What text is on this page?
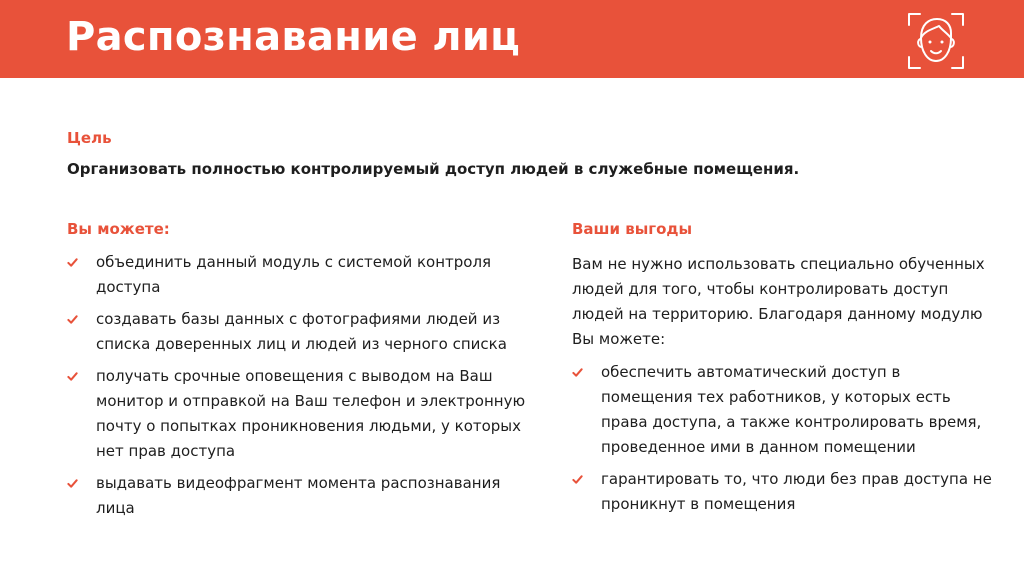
Распознавание лиц
Цель
Организовать полностью контролируемый доступ людей в служебные помещения.
Вы можете:
объединить данный модуль с системой контроля доступа
создавать базы данных с фотографиями людей из списка доверенных лиц и людей из черного списка
получать срочные оповещения с выводом на Ваш монитор и отправкой на Ваш телефон и электронную почту о попытках проникновения людьми, у которых нет прав доступа
выдавать видеофрагмент момента распознавания лица
Ваши выгоды
Вам не нужно использовать специально обученных людей для того, чтобы контролировать доступ людей на территорию. Благодаря данному модулю Вы можете:
обеспечить автоматический доступ в помещения тех работников, у которых есть права доступа, а также контролировать время, проведенное ими в данном помещении
гарантировать то, что люди без прав доступа не проникнут в помещения
